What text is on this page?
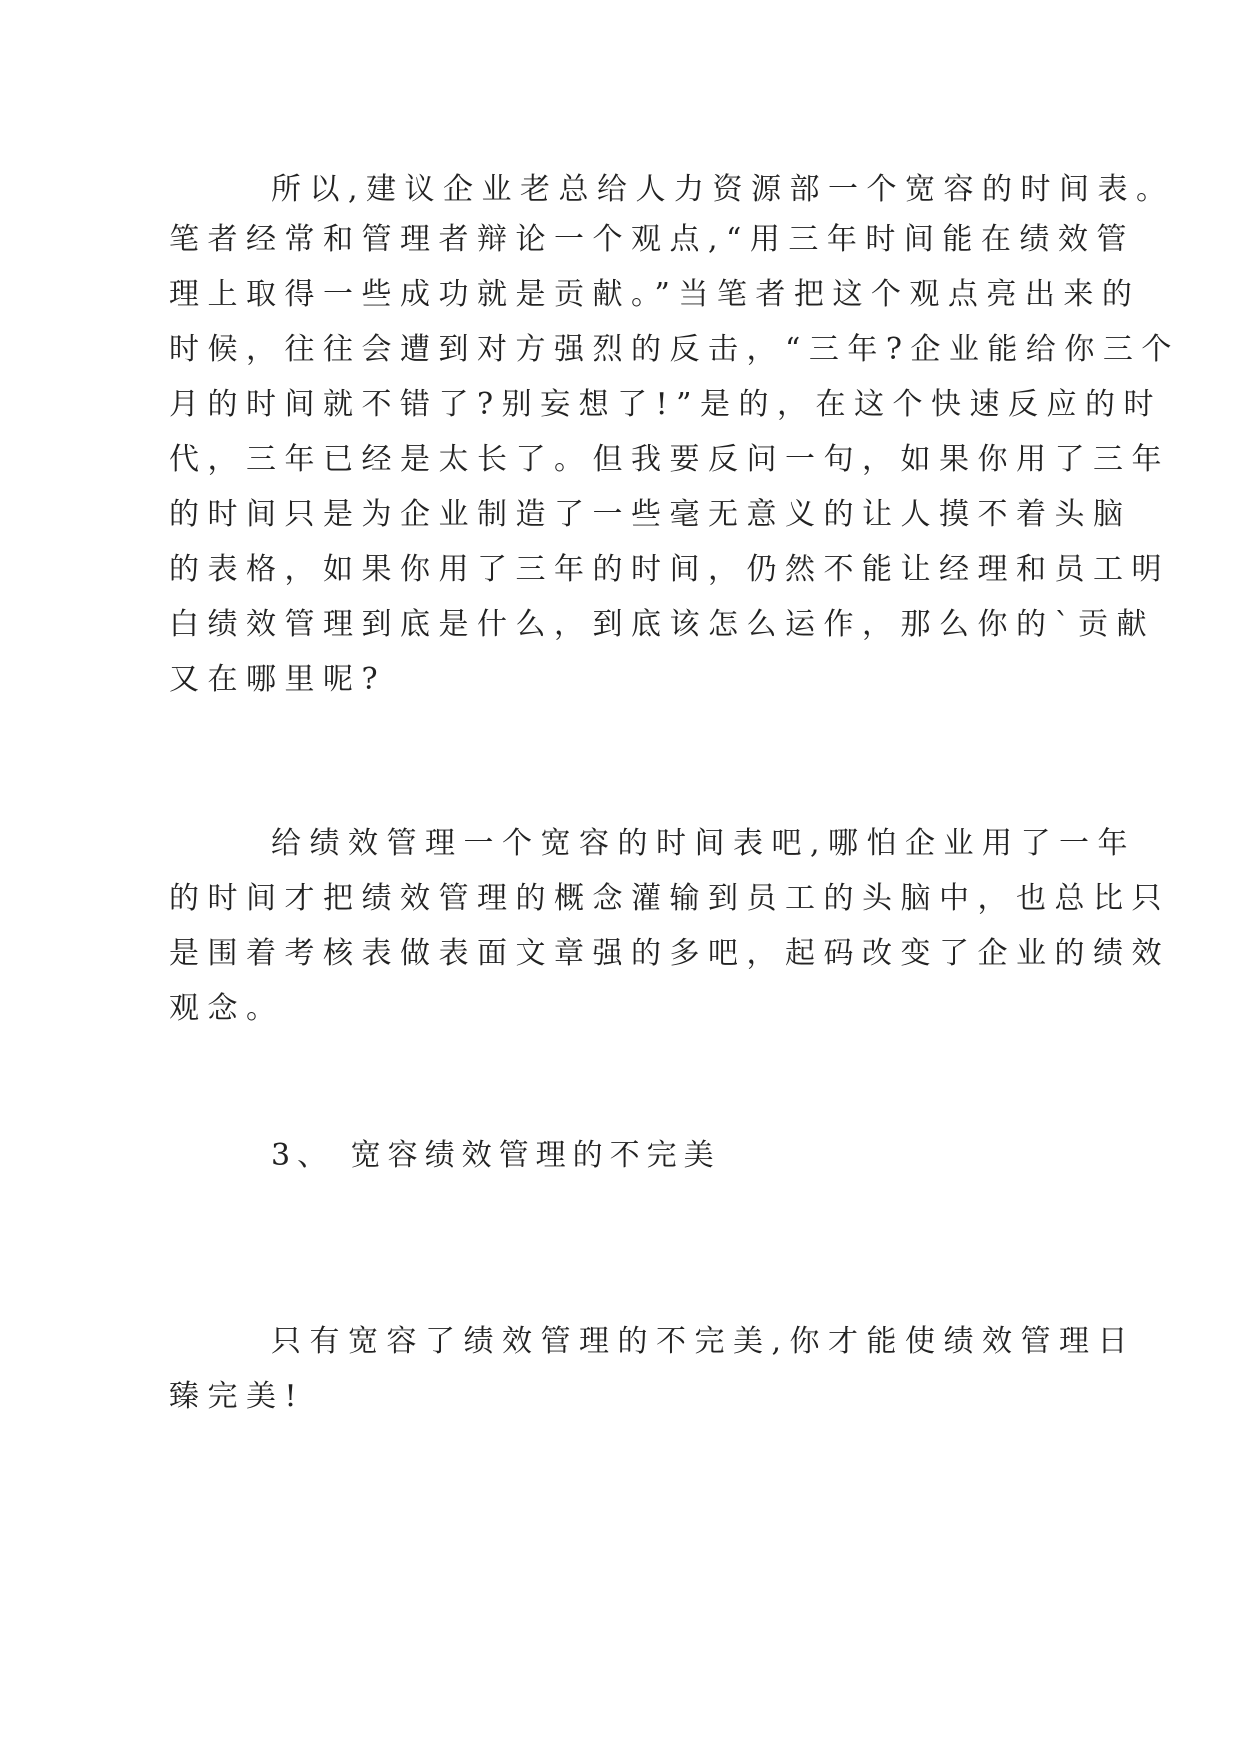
所以,建议企业老总给人力资源部一个宽容的时间表。
笔者经常和管理者辩论一个观点,“用三年时间能在绩效管
理上取得一些成功就是贡献。”当笔者把这个观点亮出来的
时候，往往会遭到对方强烈的反击，“三年?企业能给你三个
月的时间就不错了?别妄想了!”是的，在这个快速反应的时
代，三年已经是太长了。但我要反问一句，如果你用了三年
的时间只是为企业制造了一些毫无意义的让人摸不着头脑
的表格，如果你用了三年的时间，仍然不能让经理和员工明
白绩效管理到底是什么，到底该怎么运作，那么你的`贡献
又在哪里呢?
给绩效管理一个宽容的时间表吧,哪怕企业用了一年
的时间才把绩效管理的概念灌输到员工的头脑中，也总比只
是围着考核表做表面文章强的多吧，起码改变了企业的绩效
观念。
3、 宽容绩效管理的不完美
只有宽容了绩效管理的不完美,你才能使绩效管理日
臻完美!
